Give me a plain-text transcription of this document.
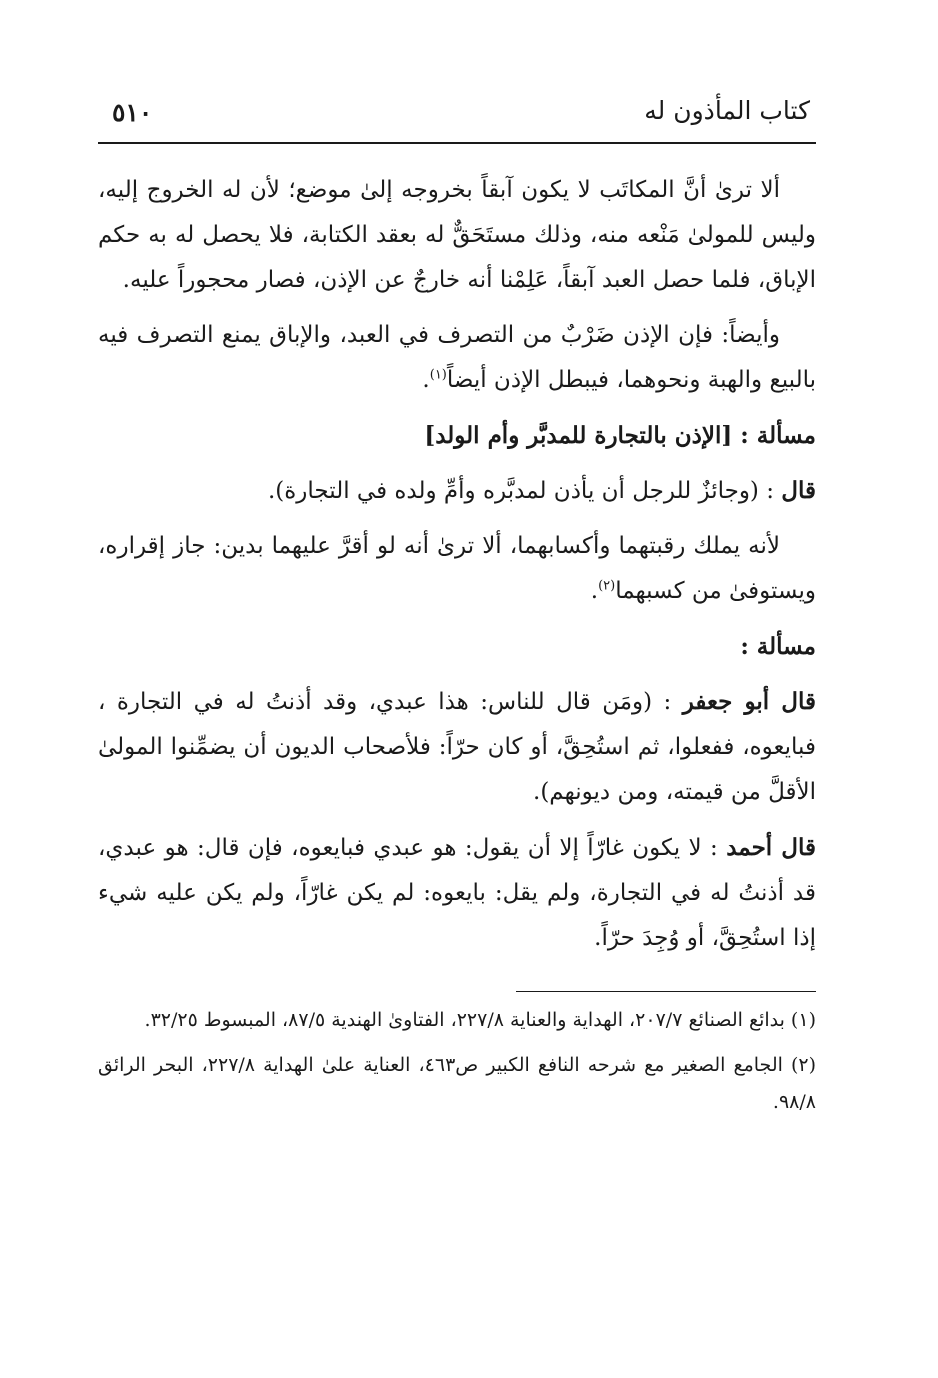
كتاب المأذون له
٥١٠

ألا ترىٰ أنَّ المكاتَب لا يكون آبقاً بخروجه إلىٰ موضع؛ لأن له الخروج إليه، وليس للمولىٰ مَنْعه منه، وذلك مستَحَقٌّ له بعقد الكتابة، فلا يحصل له به حكم الإباق، فلما حصل العبد آبقاً، عَلِمْنا أنه خارجٌ عن الإذن، فصار محجوراً عليه.

وأيضاً: فإن الإذن ضَرْبٌ من التصرف في العبد، والإباق يمنع التصرف فيه بالبيع والهبة ونحوهما، فيبطل الإذن أيضاً$^{(١)}$.

مسألة : [الإذن بالتجارة للمدبَّر وأم الولد]

قال : (وجائزٌ للرجل أن يأذن لمدبَّره وأمِّ ولده في التجارة).

لأنه يملك رقبتهما وأكسابهما، ألا ترىٰ أنه لو أقرَّ عليهما بدين: جاز إقراره، ويستوفىٰ من كسبهما$^{(٢)}$.

مسألة :

قال أبو جعفر : (ومَن قال للناس: هذا عبدي، وقد أذنتُ له في التجارة ، فبايعوه، ففعلوا، ثم استُحِقَّ، أو كان حرّاً: فلأصحاب الديون أن يضمِّنوا المولىٰ الأقلَّ من قيمته، ومن ديونهم).

قال أحمد : لا يكون غارّاً إلا أن يقول: هو عبدي فبايعوه، فإن قال: هو عبدي، قد أذنتُ له في التجارة، ولم يقل: بايعوه: لم يكن غارّاً، ولم يكن عليه شيء إذا استُحِقَّ، أو وُجِدَ حرّاً.

(١) بدائع الصنائع ٢٠٧/٧، الهداية والعناية ٢٢٧/٨، الفتاوىٰ الهندية ٨٧/٥، المبسوط ٣٢/٢٥.

(٢) الجامع الصغير مع شرحه النافع الكبير ص٤٦٣، العناية علىٰ الهداية ٢٢٧/٨، البحر الرائق ٩٨/٨.
